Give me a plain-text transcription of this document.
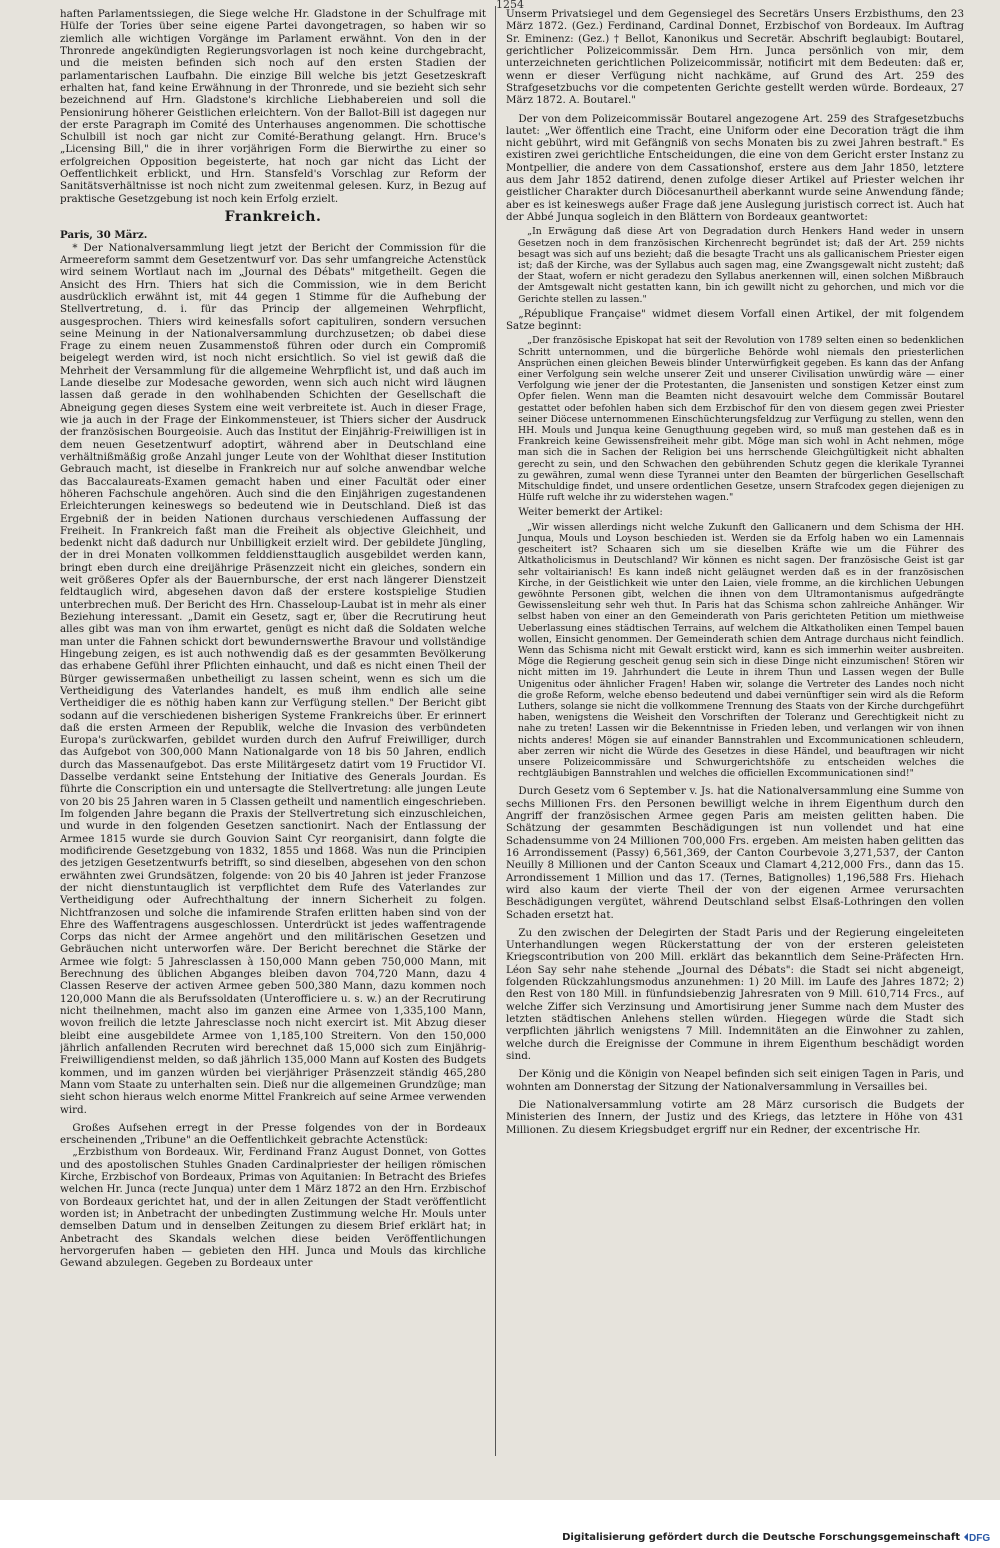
1254

haften Parlamentssiegen, die Siege welche Hr. Gladstone in der Schulfrage mit Hülfe der Tories über seine eigene Partei davongetragen, so haben wir so ziemlich alle wichtigen Vorgänge im Parlament erwähnt. Von den in der Thronrede angekündigten Regierungsvorlagen ist noch keine durchgebracht, und die meisten befinden sich noch auf den ersten Stadien der parlamentarischen Laufbahn. Die einzige Bill welche bis jetzt Gesetzeskraft erhalten hat, fand keine Erwähnung in der Thronrede, und sie bezieht sich sehr bezeichnend auf Hrn. Gladstone's kirchliche Liebhabereien und soll die Pensionirung höherer Geistlichen erleichtern. Von der Ballot-Bill ist dagegen nur der erste Paragraph im Comité des Unterhauses angenommen. Die schottische Schulbill ist noch gar nicht zur Comité-Berathung gelangt. Hrn. Bruce's „Licensing Bill," die in ihrer vorjährigen Form die Bierwirthe zu einer so erfolgreichen Opposition begeisterte, hat noch gar nicht das Licht der Oeffentlichkeit erblickt, und Hrn. Stansfeld's Vorschlag zur Reform der Sanitätsverhältnisse ist noch nicht zum zweitenmal gelesen. Kurz, in Bezug auf praktische Gesetzgebung ist noch kein Erfolg erzielt.

Frankreich.

Paris, 30 März.

* Der Nationalversammlung liegt jetzt der Bericht der Commission für die Armeereform sammt dem Gesetzentwurf vor. Das sehr umfangreiche Actenstück wird seinem Wortlaut nach im „Journal des Débats" mitgetheilt. Gegen die Ansicht des Hrn. Thiers hat sich die Commission, wie in dem Bericht ausdrücklich erwähnt ist, mit 44 gegen 1 Stimme für die Aufhebung der Stellvertretung, d. i. für das Princip der allgemeinen Wehrpflicht, ausgesprochen. Thiers wird keinesfalls sofort capituliren, sondern versuchen seine Meinung in der Nationalversammlung durchzusetzen; ob dabei diese Frage zu einem neuen Zusammenstoß führen oder durch ein Compromiß beigelegt werden wird, ist noch nicht ersichtlich. So viel ist gewiß daß die Mehrheit der Versammlung für die allgemeine Wehrpflicht ist, und daß auch im Lande dieselbe zur Modesache geworden, wenn sich auch nicht wird läugnen lassen daß gerade in den wohlhabenden Schichten der Gesellschaft die Abneigung gegen dieses System eine weit verbreitete ist. Auch in dieser Frage, wie ja auch in der Frage der Einkommensteuer, ist Thiers sicher der Ausdruck der französischen Bourgeoisie. Auch das Institut der Einjährig-Freiwilligen ist in dem neuen Gesetzentwurf adoptirt, während aber in Deutschland eine verhältnißmäßig große Anzahl junger Leute von der Wohlthat dieser Institution Gebrauch macht, ist dieselbe in Frankreich nur auf solche anwendbar welche das Baccalaureats-Examen gemacht haben und einer Facultät oder einer höheren Fachschule angehören. Auch sind die den Einjährigen zugestandenen Erleichterungen keineswegs so bedeutend wie in Deutschland. Dieß ist das Ergebniß der in beiden Nationen durchaus verschiedenen Auffassung der Freiheit. In Frankreich faßt man die Freiheit als objective Gleichheit, und bedenkt nicht daß dadurch nur Unbilligkeit erzielt wird. Der gebildete Jüngling, der in drei Monaten vollkommen felddiensttauglich ausgebildet werden kann, bringt eben durch eine dreijährige Präsenzzeit nicht ein gleiches, sondern ein weit größeres Opfer als der Bauernbursche, der erst nach längerer Dienstzeit feldtauglich wird, abgesehen davon daß der erstere kostspielige Studien unterbrechen muß. Der Bericht des Hrn. Chasseloup-Laubat ist in mehr als einer Beziehung interessant. „Damit ein Gesetz, sagt er, über die Recrutirung heut alles gibt was man von ihm erwartet, genügt es nicht daß die Soldaten welche man unter die Fahnen schickt dort bewundernswerthe Bravour und vollständige Hingebung zeigen, es ist auch nothwendig daß es der gesammten Bevölkerung das erhabene Gefühl ihrer Pflichten einhaucht, und daß es nicht einen Theil der Bürger gewissermaßen unbetheiligt zu lassen scheint, wenn es sich um die Vertheidigung des Vaterlandes handelt, es muß ihm endlich alle seine Vertheidiger die es nöthig haben kann zur Verfügung stellen." Der Bericht gibt sodann auf die verschiedenen bisherigen Systeme Frankreichs über. Er erinnert daß die ersten Armeen der Republik, welche die Invasion des verbündeten Europa's zurückwarfen, gebildet wurden durch den Aufruf Freiwilliger, durch das Aufgebot von 300,000 Mann Nationalgarde von 18 bis 50 Jahren, endlich durch das Massenaufgebot. Das erste Militärgesetz datirt vom 19 Fructidor VI. Dasselbe verdankt seine Entstehung der Initiative des Generals Jourdan. Es führte die Conscription ein und untersagte die Stellvertretung: alle jungen Leute von 20 bis 25 Jahren waren in 5 Classen getheilt und namentlich eingeschrieben. Im folgenden Jahre begann die Praxis der Stellvertretung sich einzuschleichen, und wurde in den folgenden Gesetzen sanctionirt. Nach der Entlassung der Armee 1815 wurde sie durch Gouvion Saint Cyr reorganisirt, dann folgte die modificirende Gesetzgebung von 1832, 1855 und 1868. Was nun die Principien des jetzigen Gesetzentwurfs betrifft, so sind dieselben, abgesehen von den schon erwähnten zwei Grundsätzen, folgende: von 20 bis 40 Jahren ist jeder Franzose der nicht dienstuntauglich ist verpflichtet dem Rufe des Vaterlandes zur Vertheidigung oder Aufrechthaltung der innern Sicherheit zu folgen. Nichtfranzosen und solche die infamirende Strafen erlitten haben sind von der Ehre des Waffentragens ausgeschlossen. Unterdrückt ist jedes waffentragende Corps das nicht der Armee angehört und den militärischen Gesetzen und Gebräuchen nicht unterworfen wäre. Der Bericht berechnet die Stärke der Armee wie folgt: 5 Jahresclassen à 150,000 Mann geben 750,000 Mann, mit Berechnung des üblichen Abganges bleiben davon 704,720 Mann, dazu 4 Classen Reserve der activen Armee geben 500,380 Mann, dazu kommen noch 120,000 Mann die als Berufssoldaten (Unterofficiere u. s. w.) an der Recrutirung nicht theilnehmen, macht also im ganzen eine Armee von 1,335,100 Mann, wovon freilich die letzte Jahresclasse noch nicht exercirt ist. Mit Abzug dieser bleibt eine ausgebildete Armee von 1,185,100 Streitern. Von den 150,000 jährlich anfallenden Recruten wird berechnet daß 15,000 sich zum Einjährig-Freiwilligendienst melden, so daß jährlich 135,000 Mann auf Kosten des Budgets kommen, und im ganzen würden bei vierjähriger Präsenzzeit ständig 465,280 Mann vom Staate zu unterhalten sein. Dieß nur die allgemeinen Grundzüge; man sieht schon hieraus welch enorme Mittel Frankreich auf seine Armee verwenden wird.

Großes Aufsehen erregt in der Presse folgendes von der in Bordeaux erscheinenden „Tribune" an die Oeffentlichkeit gebrachte Actenstück:

„Erzbisthum von Bordeaux. Wir, Ferdinand Franz August Donnet, von Gottes und des apostolischen Stuhles Gnaden Cardinalpriester der heiligen römischen Kirche, Erzbischof von Bordeaux, Primas von Aquitanien: In Betracht des Briefes welchen Hr. Junca (recte Junqua) unter dem 1 März 1872 an den Hrn. Erzbischof von Bordeaux gerichtet hat, und der in allen Zeitungen der Stadt veröffentlicht worden ist; in Anbetracht der unbedingten Zustimmung welche Hr. Mouls unter demselben Datum und in denselben Zeitungen zu diesem Brief erklärt hat; in Anbetracht des Skandals welchen diese beiden Veröffentlichungen hervorgerufen haben — gebieten den HH. Junca und Mouls das kirchliche Gewand abzulegen. Gegeben zu Bordeaux unter

Unserm Privatsiegel und dem Gegensiegel des Secretärs Unsers Erzbisthums, den 23 März 1872. (Gez.) Ferdinand, Cardinal Donnet, Erzbischof von Bordeaux. Im Auftrag Sr. Eminenz: (Gez.) † Bellot, Kanonikus und Secretär. Abschrift beglaubigt: Boutarel, gerichtlicher Polizeicommissär. Dem Hrn. Junca persönlich von mir, dem unterzeichneten gerichtlichen Polizeicommissär, notificirt mit dem Bedeuten: daß er, wenn er dieser Verfügung nicht nachkäme, auf Grund des Art. 259 des Strafgesetzbuchs vor die competenten Gerichte gestellt werden würde. Bordeaux, 27 März 1872. A. Boutarel."

Der von dem Polizeicommissär Boutarel angezogene Art. 259 des Strafgesetzbuchs lautet: „Wer öffentlich eine Tracht, eine Uniform oder eine Decoration trägt die ihm nicht gebührt, wird mit Gefängniß von sechs Monaten bis zu zwei Jahren bestraft." Es existiren zwei gerichtliche Entscheidungen, die eine von dem Gericht erster Instanz zu Montpellier, die andere von dem Cassationshof, erstere aus dem Jahr 1850, letztere aus dem Jahr 1852 datirend, denen zufolge dieser Artikel auf Priester welchen ihr geistlicher Charakter durch Diöcesanurtheil aberkannt wurde seine Anwendung fände; aber es ist keineswegs außer Frage daß jene Auslegung juristisch correct ist. Auch hat der Abbé Junqua sogleich in den Blättern von Bordeaux geantwortet:

„In Erwägung daß diese Art von Degradation durch Henkers Hand weder in unsern Gesetzen noch in dem französischen Kirchenrecht begründet ist; daß der Art. 259 nichts besagt was sich auf uns bezieht; daß die besagte Tracht uns als gallicanischem Priester eigen ist; daß der Kirche, was der Syllabus auch sagen mag, eine Zwangsgewalt nicht zusteht; daß der Staat, wofern er nicht geradezu den Syllabus anerkennen will, einen solchen Mißbrauch der Amtsgewalt nicht gestatten kann, bin ich gewillt nicht zu gehorchen, und mich vor die Gerichte stellen zu lassen."

„République Française" widmet diesem Vorfall einen Artikel, der mit folgendem Satze beginnt:

„Der französische Episkopat hat seit der Revolution von 1789 selten einen so bedenklichen Schritt unternommen, und die bürgerliche Behörde wohl niemals den priesterlichen Ansprüchen einen gleichen Beweis blinder Unterwürfigkeit gegeben. Es kann das der Anfang einer Verfolgung sein welche unserer Zeit und unserer Civilisation unwürdig wäre — einer Verfolgung wie jener der die Protestanten, die Jansenisten und sonstigen Ketzer einst zum Opfer fielen. Wenn man die Beamten nicht desavouirt welche dem Commissär Boutarel gestattet oder befohlen haben sich dem Erzbischof für den von diesem gegen zwei Priester seiner Diöcese unternommenen Einschüchterungsfeldzug zur Verfügung zu stellen, wenn den HH. Mouls und Junqua keine Genugthuung gegeben wird, so muß man gestehen daß es in Frankreich keine Gewissensfreiheit mehr gibt. Möge man sich wohl in Acht nehmen, möge man sich die in Sachen der Religion bei uns herrschende Gleichgültigkeit nicht abhalten gerecht zu sein, und den Schwachen den gebührenden Schutz gegen die klerikale Tyrannei zu gewähren, zumal wenn diese Tyrannei unter den Beamten der bürgerlichen Gesellschaft Mitschuldige findet, und unsere ordentlichen Gesetze, unsern Strafcodex gegen diejenigen zu Hülfe ruft welche ihr zu widerstehen wagen."

Weiter bemerkt der Artikel:

„Wir wissen allerdings nicht welche Zukunft den Gallicanern und dem Schisma der HH. Junqua, Mouls und Loyson beschieden ist. Werden sie da Erfolg haben wo ein Lamennais gescheitert ist? Schaaren sich um sie dieselben Kräfte wie um die Führer des Altkatholicismus in Deutschland? Wir können es nicht sagen. Der französische Geist ist gar sehr voltairianisch! Es kann indeß nicht geläugnet werden daß es in der französischen Kirche, in der Geistlichkeit wie unter den Laien, viele fromme, an die kirchlichen Uebungen gewöhnte Personen gibt, welchen die ihnen von dem Ultramontanismus aufgedrängte Gewissensleitung sehr weh thut. In Paris hat das Schisma schon zahlreiche Anhänger. Wir selbst haben von einer an den Gemeinderath von Paris gerichteten Petition um miethweise Ueberlassung eines städtischen Terrains, auf welchem die Altkatholiken einen Tempel bauen wollen, Einsicht genommen. Der Gemeinderath schien dem Antrage durchaus nicht feindlich. Wenn das Schisma nicht mit Gewalt erstickt wird, kann es sich immerhin weiter ausbreiten. Möge die Regierung gescheit genug sein sich in diese Dinge nicht einzumischen! Stören wir nicht mitten im 19. Jahrhundert die Leute in ihrem Thun und Lassen wegen der Bulle Unigenitus oder ähnlicher Fragen! Haben wir, solange die Vertreter des Landes noch nicht die große Reform, welche ebenso bedeutend und dabei vernünftiger sein wird als die Reform Luthers, solange sie nicht die vollkommene Trennung des Staats von der Kirche durchgeführt haben, wenigstens die Weisheit den Vorschriften der Toleranz und Gerechtigkeit nicht zu nahe zu treten! Lassen wir die Bekenntnisse in Frieden leben, und verlangen wir von ihnen nichts anderes! Mögen sie auf einander Bannstrahlen und Excommunicationen schleudern, aber zerren wir nicht die Würde des Gesetzes in diese Händel, und beauftragen wir nicht unsere Polizeicommissäre und Schwurgerichtshöfe zu entscheiden welches die rechtgläubigen Bannstrahlen und welches die officiellen Excommunicationen sind!"

Durch Gesetz vom 6 September v. Js. hat die Nationalversammlung eine Summe von sechs Millionen Frs. den Personen bewilligt welche in ihrem Eigenthum durch den Angriff der französischen Armee gegen Paris am meisten gelitten haben. Die Schätzung der gesammten Beschädigungen ist nun vollendet und hat eine Schadensumme von 24 Millionen 700,000 Frs. ergeben. Am meisten haben gelitten das 16 Arrondissement (Passy) 6,561,369, der Canton Courbevoie 3,271,537, der Canton Neuilly 8 Millionen und der Canton Sceaux und Clamart 4,212,000 Frs., dann das 15. Arrondissement 1 Million und das 17. (Ternes, Batignolles) 1,196,588 Frs. Hiehach wird also kaum der vierte Theil der von der eigenen Armee verursachten Beschädigungen vergütet, während Deutschland selbst Elsaß-Lothringen den vollen Schaden ersetzt hat.

Zu den zwischen der Delegirten der Stadt Paris und der Regierung eingeleiteten Unterhandlungen wegen Rückerstattung der von der ersteren geleisteten Kriegscontribution von 200 Mill. erklärt das bekanntlich dem Seine-Präfecten Hrn. Léon Say sehr nahe stehende „Journal des Débats": die Stadt sei nicht abgeneigt, folgenden Rückzahlungsmodus anzunehmen: 1) 20 Mill. im Laufe des Jahres 1872; 2) den Rest von 180 Mill. in fünfundsiebenzig Jahresraten von 9 Mill. 610,714 Frcs., auf welche Ziffer sich Verzinsung und Amortisirung jener Summe nach dem Muster des letzten städtischen Anlehens stellen würden. Hiegegen würde die Stadt sich verpflichten jährlich wenigstens 7 Mill. Indemnitäten an die Einwohner zu zahlen, welche durch die Ereignisse der Commune in ihrem Eigenthum beschädigt worden sind.

Der König und die Königin von Neapel befinden sich seit einigen Tagen in Paris, und wohnten am Donnerstag der Sitzung der Nationalversammlung in Versailles bei.

Die Nationalversammlung votirte am 28 März cursorisch die Budgets der Ministerien des Innern, der Justiz und des Kriegs, das letztere in Höhe von 431 Millionen. Zu diesem Kriegsbudget ergriff nur ein Redner, der excentrische Hr.

Digitalisierung gefördert durch die Deutsche Forschungsgemeinschaft DFG
